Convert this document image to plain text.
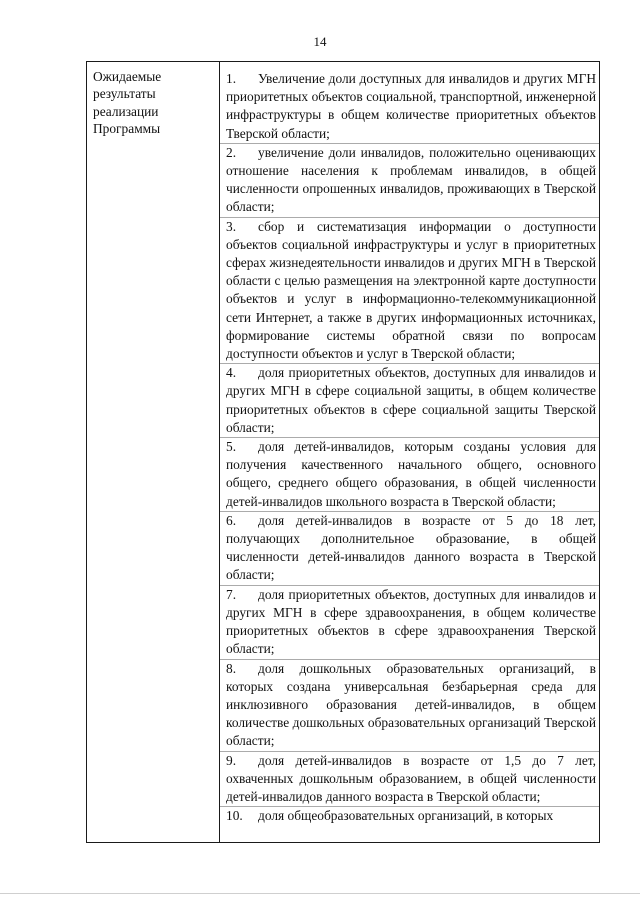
14
Ожидаемые
результаты
реализации
Программы

1. Увеличение доли доступных для инвалидов и других МГН приоритетных объектов социальной, транспортной, инженерной инфраструктуры в общем количестве приоритетных объектов Тверской области;

2. увеличение доли инвалидов, положительно оценивающих отношение населения к проблемам инвалидов, в общей численности опрошенных инвалидов, проживающих в Тверской области;

3. сбор и систематизация информации о доступности объектов социальной инфраструктуры и услуг в приоритетных сферах жизнедеятельности инвалидов и других МГН в Тверской области с целью размещения на электронной карте доступности объектов и услуг в информационно-телекоммуникационной сети Интернет, а также в других информационных источниках, формирование системы обратной связи по вопросам доступности объектов и услуг в Тверской области;

4. доля приоритетных объектов, доступных для инвалидов и других МГН в сфере социальной защиты, в общем количестве приоритетных объектов в сфере социальной защиты Тверской области;

5. доля детей-инвалидов, которым созданы условия для получения качественного начального общего, основного общего, среднего общего образования, в общей численности детей-инвалидов школьного возраста в Тверской области;

6. доля детей-инвалидов в возрасте от 5 до 18 лет, получающих дополнительное образование, в общей численности детей-инвалидов данного возраста в Тверской области;

7. доля приоритетных объектов, доступных для инвалидов и других МГН в сфере здравоохранения, в общем количестве приоритетных объектов в сфере здравоохранения Тверской области;

8. доля дошкольных образовательных организаций, в которых создана универсальная безбарьерная среда для инклюзивного образования детей-инвалидов, в общем количестве дошкольных образовательных организаций Тверской области;

9. доля детей-инвалидов в возрасте от 1,5 до 7 лет, охваченных дошкольным образованием, в общей численности детей-инвалидов данного возраста в Тверской области;

10. доля общеобразовательных организаций, в которых
